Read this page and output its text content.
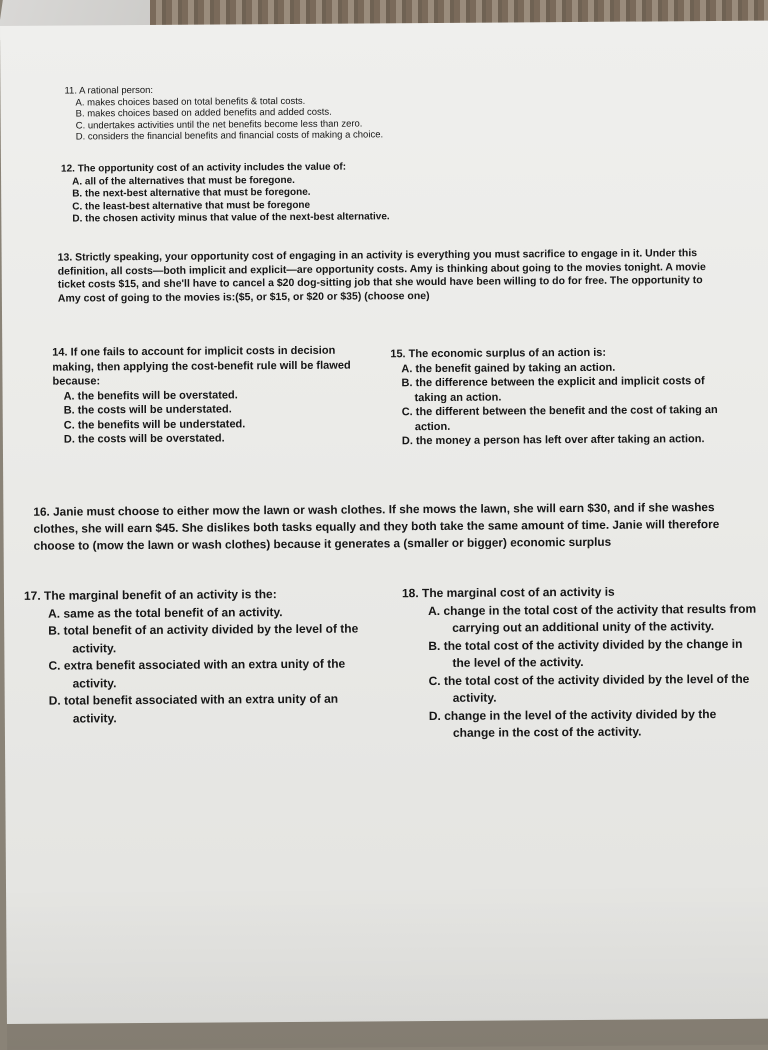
11. A rational person:
A. makes choices based on total benefits & total costs.
B. makes choices based on added benefits and added costs.
C. undertakes activities until the net benefits become less than zero.
D. considers the financial benefits and financial costs of making a choice.
12. The opportunity cost of an activity includes the value of:
A. all of the alternatives that must be foregone.
B. the next-best alternative that must be foregone.
C. the least-best alternative that must be foregone
D. the chosen activity minus that value of the next-best alternative.
13. Strictly speaking, your opportunity cost of engaging in an activity is everything you must sacrifice to engage in it. Under this definition, all costs—both implicit and explicit—are opportunity costs. Amy is thinking about going to the movies tonight. A movie ticket costs $15, and she'll have to cancel a $20 dog-sitting job that she would have been willing to do for free. The opportunity to Amy cost of going to the movies is:($5, or $15, or $20 or $35) (choose one)
14. If one fails to account for implicit costs in decision making, then applying the cost-benefit rule will be flawed because:
A. the benefits will be overstated.
B. the costs will be understated.
C. the benefits will be understated.
D. the costs will be overstated.
15. The economic surplus of an action is:
A. the benefit gained by taking an action.
B. the difference between the explicit and implicit costs of taking an action.
C. the different between the benefit and the cost of taking an action.
D. the money a person has left over after taking an action.
16. Janie must choose to either mow the lawn or wash clothes. If she mows the lawn, she will earn $30, and if she washes clothes, she will earn $45. She dislikes both tasks equally and they both take the same amount of time. Janie will therefore choose to (mow the lawn or wash clothes) because it generates a (smaller or bigger) economic surplus
17. The marginal benefit of an activity is the:
A. same as the total benefit of an activity.
B. total benefit of an activity divided by the level of the activity.
C. extra benefit associated with an extra unity of the activity.
D. total benefit associated with an extra unity of an activity.
18. The marginal cost of an activity is
A. change in the total cost of the activity that results from carrying out an additional unity of the activity.
B. the total cost of the activity divided by the change in the level of the activity.
C. the total cost of the activity divided by the level of the activity.
D. change in the level of the activity divided by the change in the cost of the activity.
